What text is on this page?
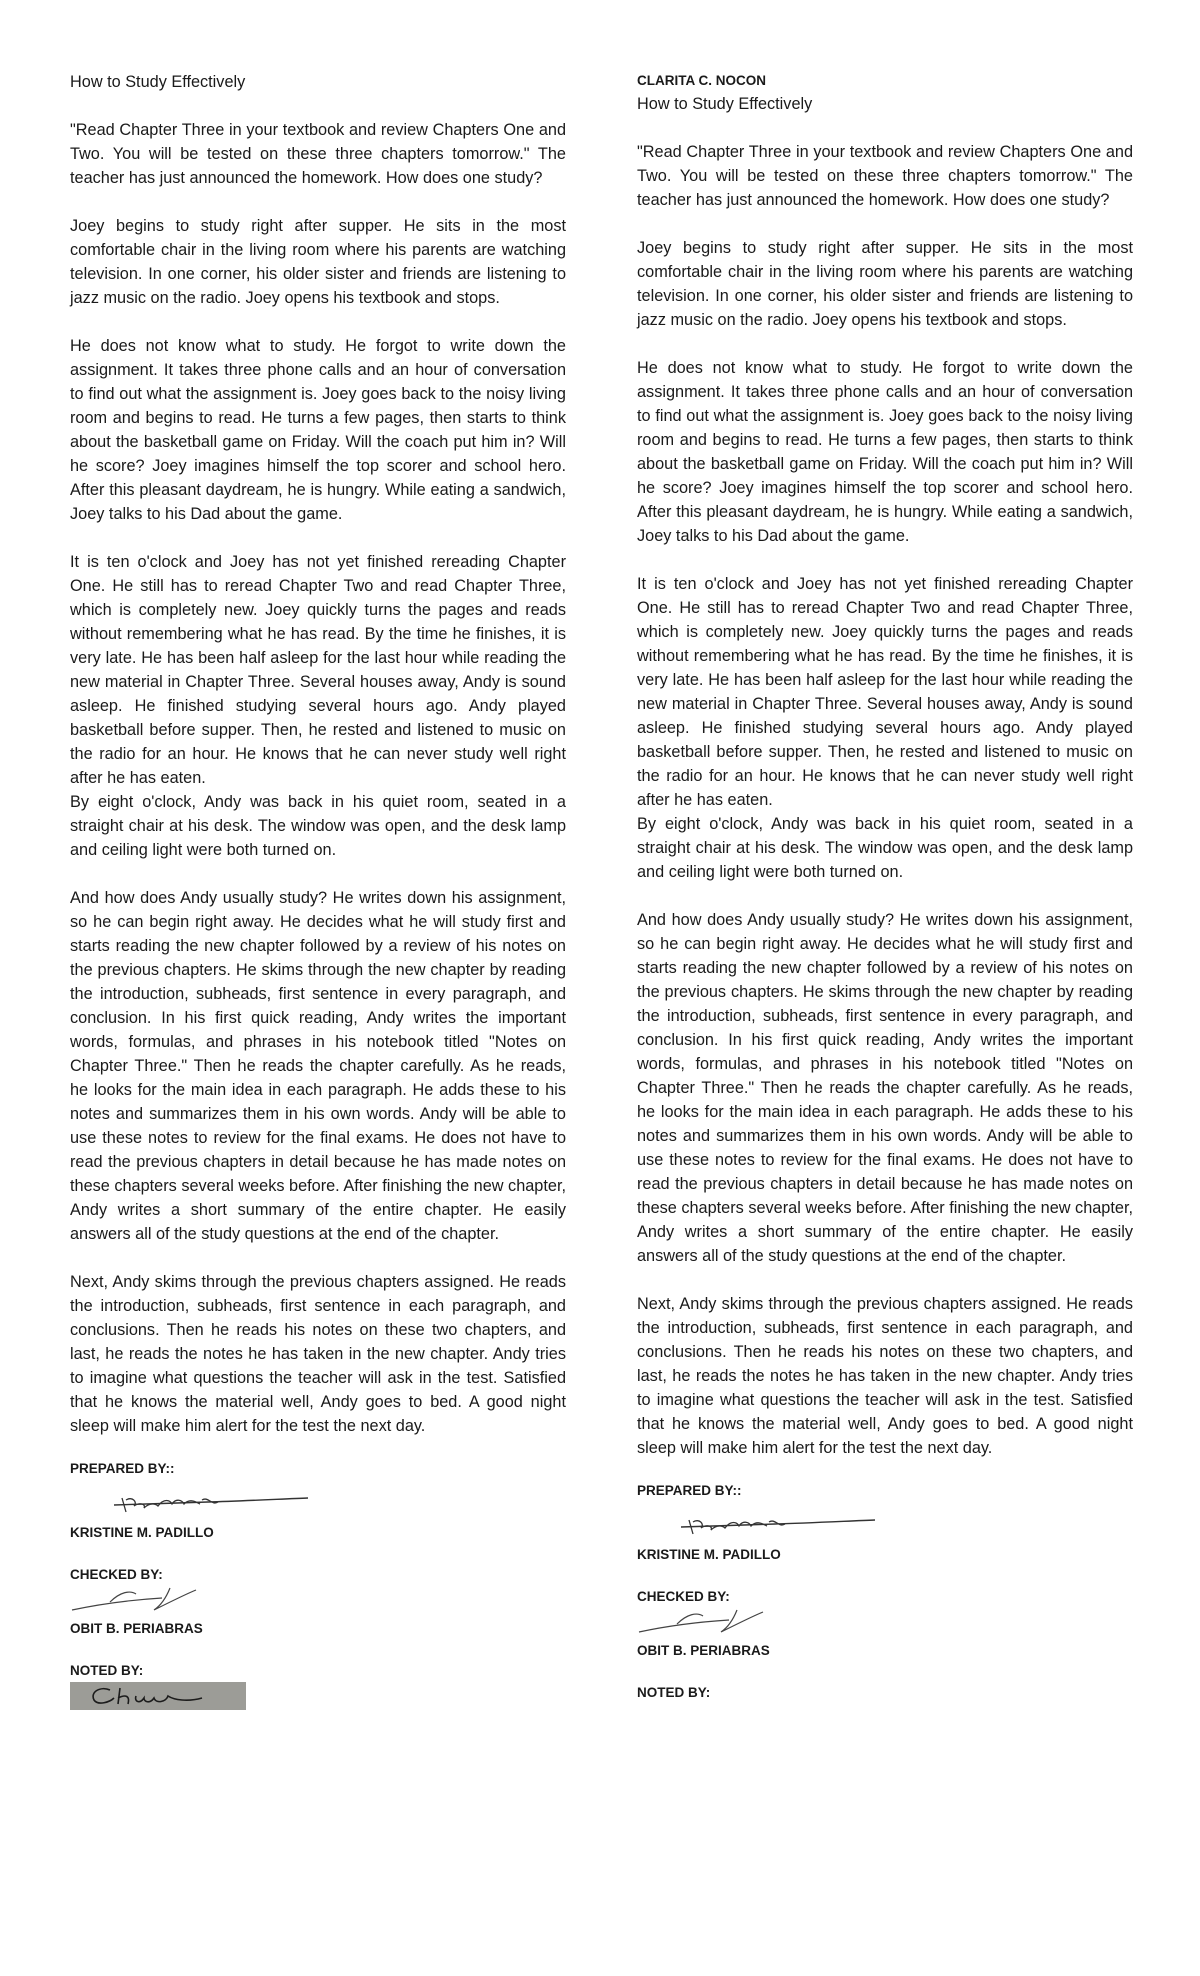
How to Study Effectively

"Read Chapter Three in your textbook and review Chapters One and Two. You will be tested on these three chapters tomorrow." The teacher has just announced the homework. How does one study?

Joey begins to study right after supper. He sits in the most comfortable chair in the living room where his parents are watching television. In one corner, his older sister and friends are listening to jazz music on the radio. Joey opens his textbook and stops.

He does not know what to study. He forgot to write down the assignment. It takes three phone calls and an hour of conversation to find out what the assignment is. Joey goes back to the noisy living room and begins to read. He turns a few pages, then starts to think about the basketball game on Friday. Will the coach put him in? Will he score? Joey imagines himself the top scorer and school hero. After this pleasant daydream, he is hungry. While eating a sandwich, Joey talks to his Dad about the game.

It is ten o'clock and Joey has not yet finished rereading Chapter One. He still has to reread Chapter Two and read Chapter Three, which is completely new. Joey quickly turns the pages and reads without remembering what he has read. By the time he finishes, it is very late. He has been half asleep for the last hour while reading the new material in Chapter Three. Several houses away, Andy is sound asleep. He finished studying several hours ago. Andy played basketball before supper. Then, he rested and listened to music on the radio for an hour. He knows that he can never study well right after he has eaten.

By eight o'clock, Andy was back in his quiet room, seated in a straight chair at his desk. The window was open, and the desk lamp and ceiling light were both turned on.

And how does Andy usually study? He writes down his assignment, so he can begin right away. He decides what he will study first and starts reading the new chapter followed by a review of his notes on the previous chapters. He skims through the new chapter by reading the introduction, subheads, first sentence in every paragraph, and conclusion. In his first quick reading, Andy writes the important words, formulas, and phrases in his notebook titled "Notes on Chapter Three." Then he reads the chapter carefully. As he reads, he looks for the main idea in each paragraph. He adds these to his notes and summarizes them in his own words. Andy will be able to use these notes to review for the final exams. He does not have to read the previous chapters in detail because he has made notes on these chapters several weeks before. After finishing the new chapter, Andy writes a short summary of the entire chapter. He easily answers all of the study questions at the end of the chapter.

Next, Andy skims through the previous chapters assigned. He reads the introduction, subheads, first sentence in each paragraph, and conclusions. Then he reads his notes on these two chapters, and last, he reads the notes he has taken in the new chapter. Andy tries to imagine what questions the teacher will ask in the test. Satisfied that he knows the material well, Andy goes to bed. A good night sleep will make him alert for the test the next day.

PREPARED BY::

KRISTINE M. PADILLO

CHECKED BY:

OBIT B. PERIABRAS

NOTED BY:

CLARITA C. NOCON
How to Study Effectively

"Read Chapter Three in your textbook and review Chapters One and Two. You will be tested on these three chapters tomorrow." The teacher has just announced the homework. How does one study?

Joey begins to study right after supper. He sits in the most comfortable chair in the living room where his parents are watching television. In one corner, his older sister and friends are listening to jazz music on the radio. Joey opens his textbook and stops.

He does not know what to study. He forgot to write down the assignment. It takes three phone calls and an hour of conversation to find out what the assignment is. Joey goes back to the noisy living room and begins to read. He turns a few pages, then starts to think about the basketball game on Friday. Will the coach put him in? Will he score? Joey imagines himself the top scorer and school hero. After this pleasant daydream, he is hungry. While eating a sandwich, Joey talks to his Dad about the game.

It is ten o'clock and Joey has not yet finished rereading Chapter One. He still has to reread Chapter Two and read Chapter Three, which is completely new. Joey quickly turns the pages and reads without remembering what he has read. By the time he finishes, it is very late. He has been half asleep for the last hour while reading the new material in Chapter Three. Several houses away, Andy is sound asleep. He finished studying several hours ago. Andy played basketball before supper. Then, he rested and listened to music on the radio for an hour. He knows that he can never study well right after he has eaten.

By eight o'clock, Andy was back in his quiet room, seated in a straight chair at his desk. The window was open, and the desk lamp and ceiling light were both turned on.

And how does Andy usually study? He writes down his assignment, so he can begin right away. He decides what he will study first and starts reading the new chapter followed by a review of his notes on the previous chapters. He skims through the new chapter by reading the introduction, subheads, first sentence in every paragraph, and conclusion. In his first quick reading, Andy writes the important words, formulas, and phrases in his notebook titled "Notes on Chapter Three." Then he reads the chapter carefully. As he reads, he looks for the main idea in each paragraph. He adds these to his notes and summarizes them in his own words. Andy will be able to use these notes to review for the final exams. He does not have to read the previous chapters in detail because he has made notes on these chapters several weeks before. After finishing the new chapter, Andy writes a short summary of the entire chapter. He easily answers all of the study questions at the end of the chapter.

Next, Andy skims through the previous chapters assigned. He reads the introduction, subheads, first sentence in each paragraph, and conclusions. Then he reads his notes on these two chapters, and last, he reads the notes he has taken in the new chapter. Andy tries to imagine what questions the teacher will ask in the test. Satisfied that he knows the material well, Andy goes to bed. A good night sleep will make him alert for the test the next day.

PREPARED BY::

KRISTINE M. PADILLO

CHECKED BY:

OBIT B. PERIABRAS

NOTED BY:
